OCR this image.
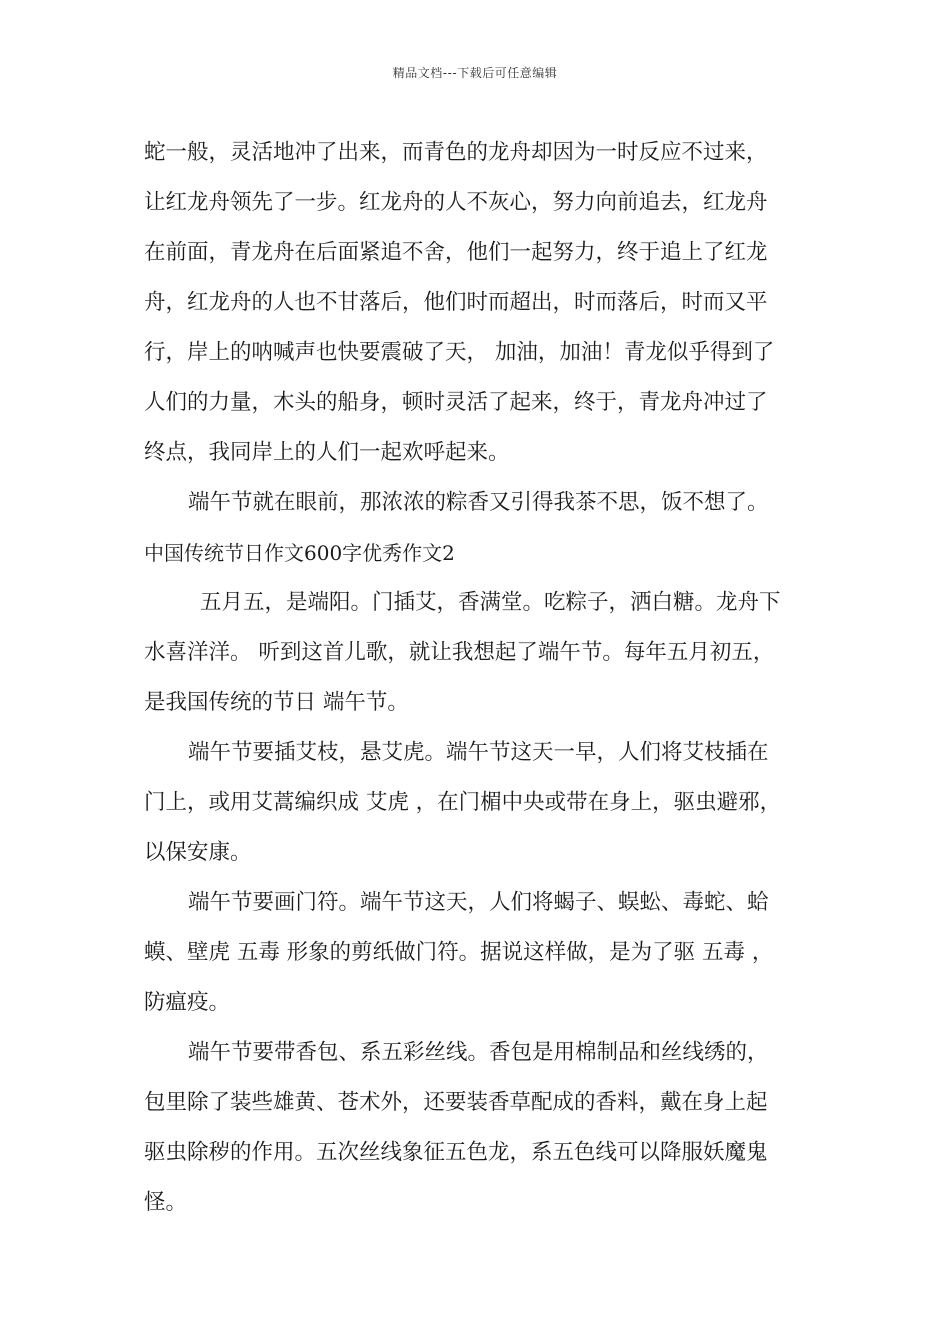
精品文档---下载后可任意编辑
蛇一般，灵活地冲了出来，而青色的龙舟却因为一时反应不过来，
让红龙舟领先了一步。红龙舟的人不灰心，努力向前追去，红龙舟
在前面，青龙舟在后面紧追不舍，他们一起努力，终于追上了红龙
舟，红龙舟的人也不甘落后，他们时而超出，时而落后，时而又平
行，岸上的呐喊声也快要震破了天， 加油，加油！青龙似乎得到了
人们的力量，木头的船身，顿时灵活了起来，终于，青龙舟冲过了
终点，我同岸上的人们一起欢呼起来。
端午节就在眼前，那浓浓的粽香又引得我茶不思，饭不想了。
中国传统节日作文600字优秀作文2
五月五，是端阳。门插艾，香满堂。吃粽子，洒白糖。龙舟下
水喜洋洋。 听到这首儿歌，就让我想起了端午节。每年五月初五，
是我国传统的节日 端午节。
端午节要插艾枝，悬艾虎。端午节这天一早，人们将艾枝插在
门上，或用艾蒿编织成 艾虎 ，在门楣中央或带在身上，驱虫避邪，
以保安康。
端午节要画门符。端午节这天，人们将蝎子、蜈蚣、毒蛇、蛤
蟆、壁虎 五毒 形象的剪纸做门符。据说这样做，是为了驱 五毒 ，
防瘟疫。
端午节要带香包、系五彩丝线。香包是用棉制品和丝线绣的，
包里除了装些雄黄、苍术外，还要装香草配成的香料，戴在身上起
驱虫除秽的作用。五次丝线象征五色龙，系五色线可以降服妖魔鬼
怪。
